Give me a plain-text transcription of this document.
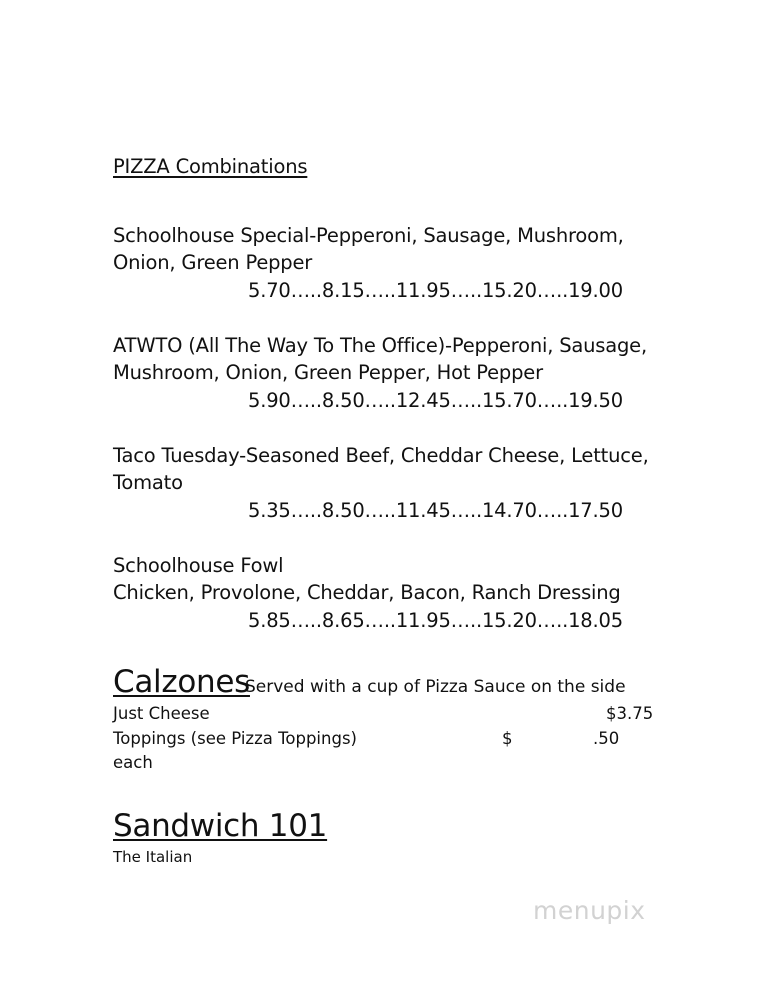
PIZZA Combinations
Schoolhouse Special-Pepperoni, Sausage, Mushroom,
Onion, Green Pepper
5.70…..8.15…..11.95…..15.20…..19.00
ATWTO (All The Way To The Office)-Pepperoni, Sausage,
Mushroom, Onion, Green Pepper, Hot Pepper
5.90…..8.50…..12.45…..15.70…..19.50
Taco Tuesday-Seasoned Beef, Cheddar Cheese, Lettuce,
Tomato
5.35…..8.50…..11.45…..14.70…..17.50
Schoolhouse Fowl
Chicken, Provolone, Cheddar, Bacon, Ranch Dressing
5.85…..8.65…..11.95…..15.20…..18.05
Calzones
Served with a cup of Pizza Sauce on the side
Just Cheese	$3.75
Toppings (see Pizza Toppings)	$	.50
each
Sandwich 101
The Italian
menupix
